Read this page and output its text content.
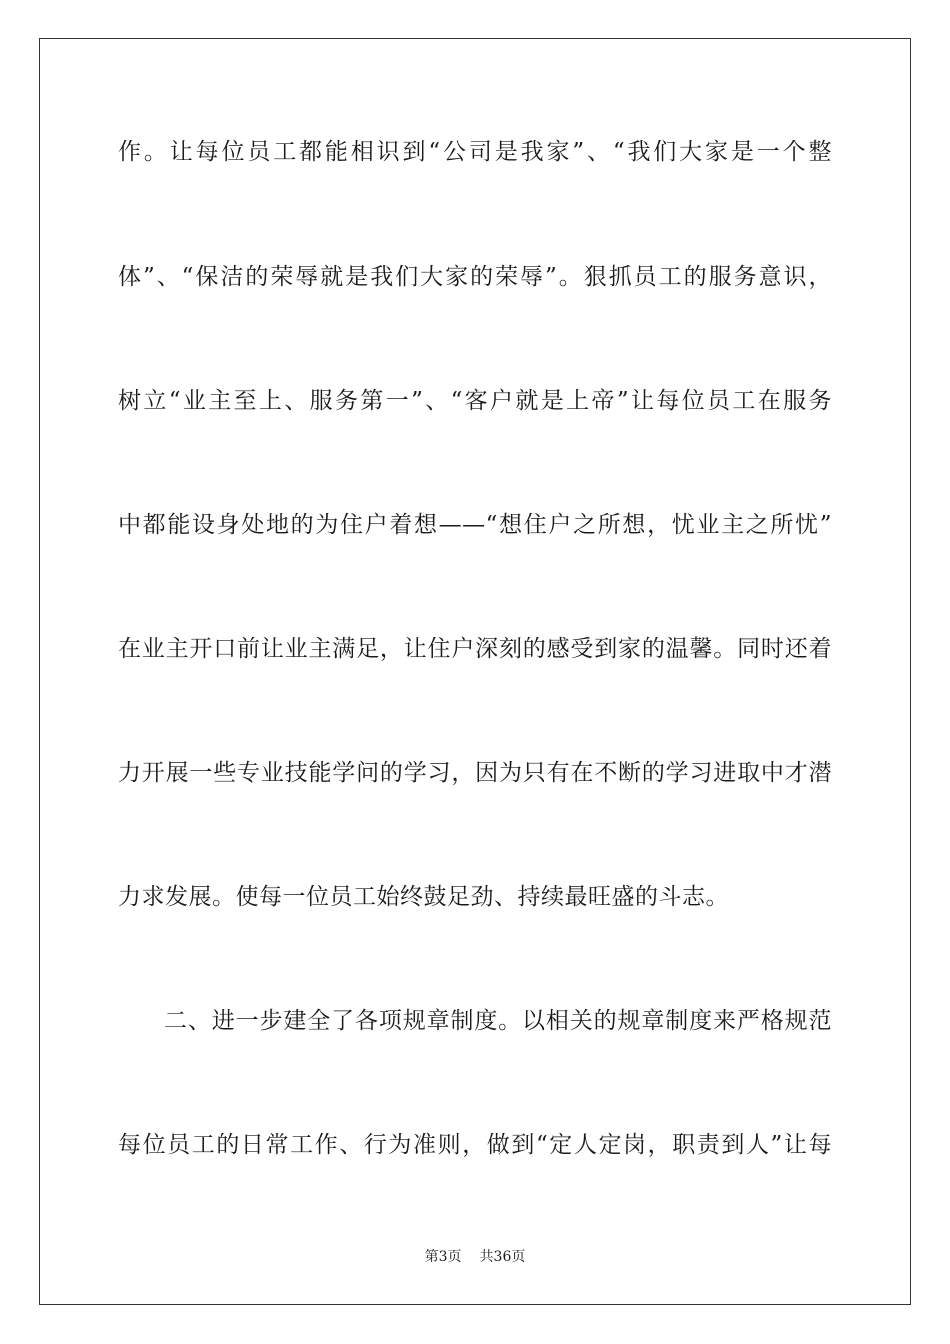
作。让每位员工都能相识到“公司是我家”、“我们大家是一个整
体”、“保洁的荣辱就是我们大家的荣辱”。狠抓员工的服务意识，
树立“业主至上、服务第一”、“客户就是上帝”让每位员工在服务
中都能设身处地的为住户着想——“想住户之所想，忧业主之所忧”
在业主开口前让业主满足，让住户深刻的感受到家的温馨。同时还着
力开展一些专业技能学问的学习，因为只有在不断的学习进取中才潜
力求发展。使每一位员工始终鼓足劲、持续最旺盛的斗志。
二、进一步建全了各项规章制度。以相关的规章制度来严格规范
每位员工的日常工作、行为准则，做到“定人定岗，职责到人”让每
第3页 共36页
